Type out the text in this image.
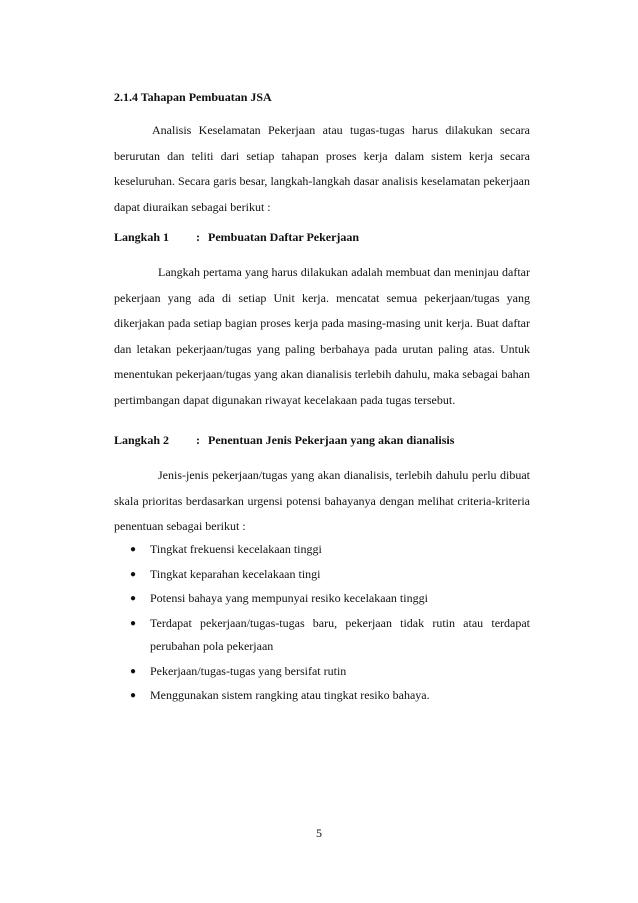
2.1.4 Tahapan Pembuatan JSA

Analisis Keselamatan Pekerjaan atau tugas-tugas harus dilakukan secara berurutan dan teliti dari setiap tahapan proses kerja dalam sistem kerja secara keseluruhan. Secara garis besar, langkah-langkah dasar analisis keselamatan pekerjaan dapat diuraikan sebagai berikut :

Langkah 1 : Pembuatan Daftar Pekerjaan

Langkah pertama yang harus dilakukan adalah membuat dan meninjau daftar pekerjaan yang ada di setiap Unit kerja. mencatat semua pekerjaan/tugas yang dikerjakan pada setiap bagian proses kerja pada masing-masing unit kerja. Buat daftar dan letakan pekerjaan/tugas yang paling berbahaya pada urutan paling atas. Untuk menentukan pekerjaan/tugas yang akan dianalisis terlebih dahulu, maka sebagai bahan pertimbangan dapat digunakan riwayat kecelakaan pada tugas tersebut.

Langkah 2 : Penentuan Jenis Pekerjaan yang akan dianalisis

Jenis-jenis pekerjaan/tugas yang akan dianalisis, terlebih dahulu perlu dibuat skala prioritas berdasarkan urgensi potensi bahayanya dengan melihat criteria-kriteria penentuan sebagai berikut :

● Tingkat frekuensi kecelakaan tinggi
● Tingkat keparahan kecelakaan tingi
● Potensi bahaya yang mempunyai resiko kecelakaan tinggi
● Terdapat pekerjaan/tugas-tugas baru, pekerjaan tidak rutin atau terdapat perubahan pola pekerjaan
● Pekerjaan/tugas-tugas yang bersifat rutin
● Menggunakan sistem rangking atau tingkat resiko bahaya.
5
